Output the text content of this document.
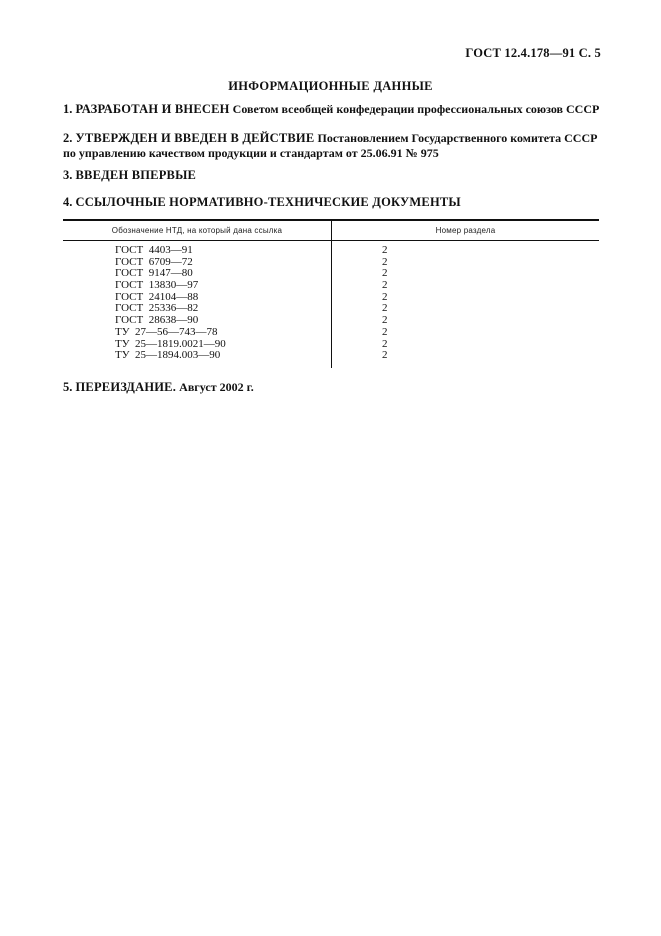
ГОСТ 12.4.178—91 С. 5
ИНФОРМАЦИОННЫЕ ДАННЫЕ
1. РАЗРАБОТАН И ВНЕСЕН Советом всеобщей конфедерации профессиональных союзов СССР
2. УТВЕРЖДЕН И ВВЕДЕН В ДЕЙСТВИЕ Постановлением Государственного комитета СССР по управлению качеством продукции и стандартам от 25.06.91 № 975
3. ВВЕДЕН ВПЕРВЫЕ
4. ССЫЛОЧНЫЕ НОРМАТИВНО-ТЕХНИЧЕСКИЕ ДОКУМЕНТЫ
Обозначение НТД, на который дана ссылка	Номер раздела
ГОСТ  4403—91	2
ГОСТ  6709—72	2
ГОСТ  9147—80	2
ГОСТ  13830—97	2
ГОСТ  24104—88	2
ГОСТ  25336—82	2
ГОСТ  28638—90	2
ТУ  27—56—743—78	2
ТУ  25—1819.0021—90	2
ТУ  25—1894.003—90	2
5. ПЕРЕИЗДАНИЕ. Август 2002 г.
